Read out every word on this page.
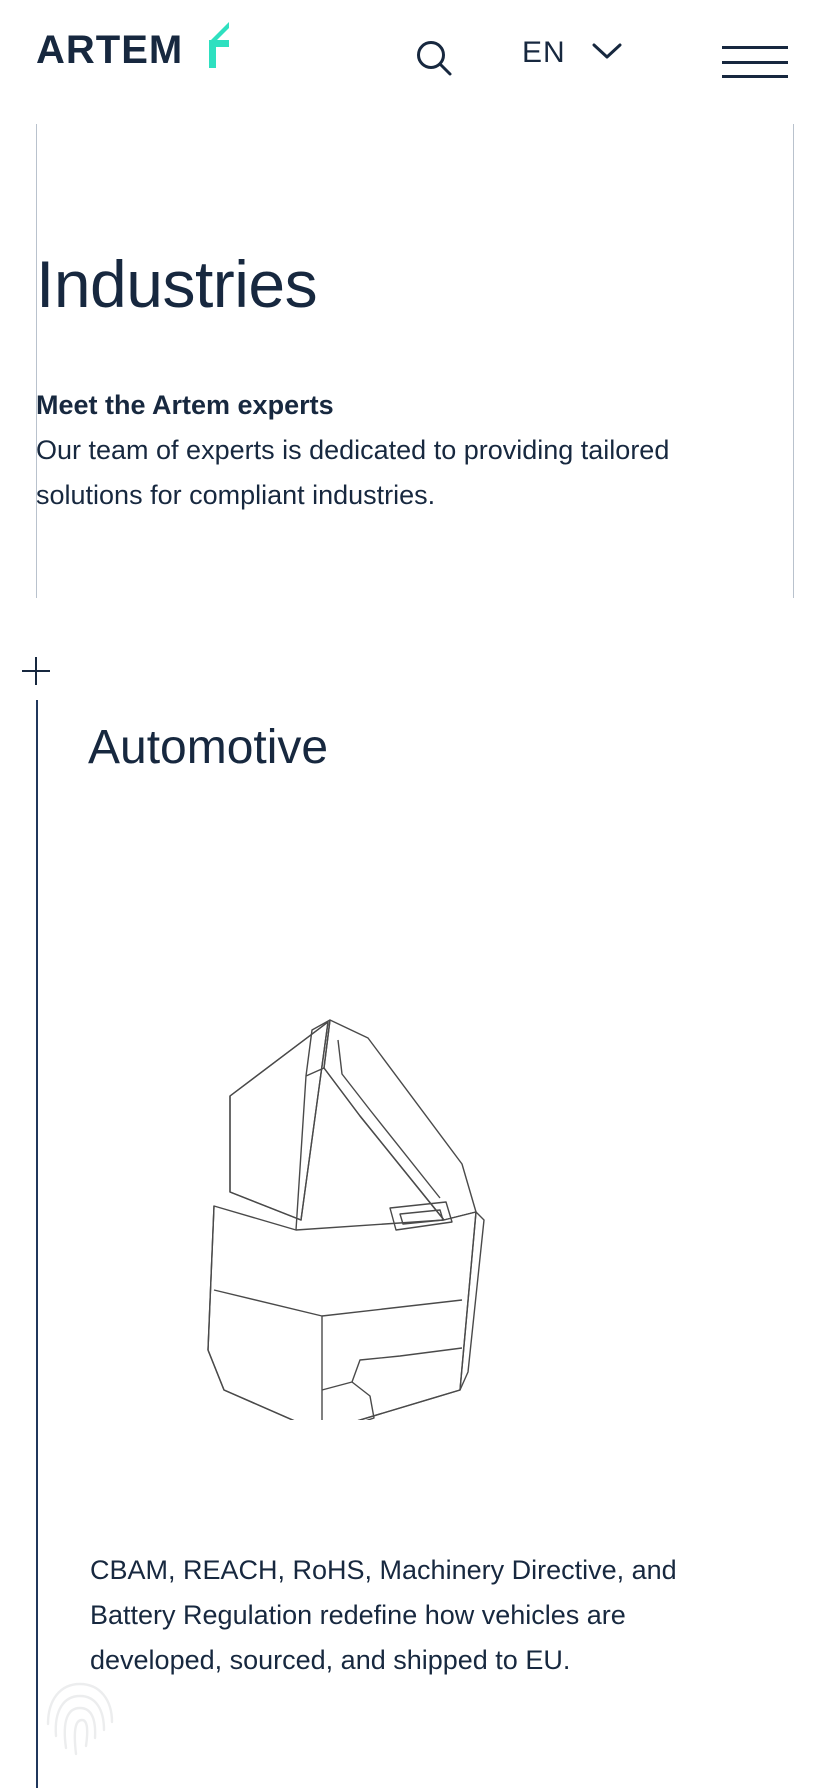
ARTEM	EN
Industries
Meet the Artem experts

Our team of experts is dedicated to providing tailored solutions for compliant industries.

Automotive

CBAM, REACH, RoHS, Machinery Directive, and Battery Regulation redefine how vehicles are developed, sourced, and shipped to EU.
